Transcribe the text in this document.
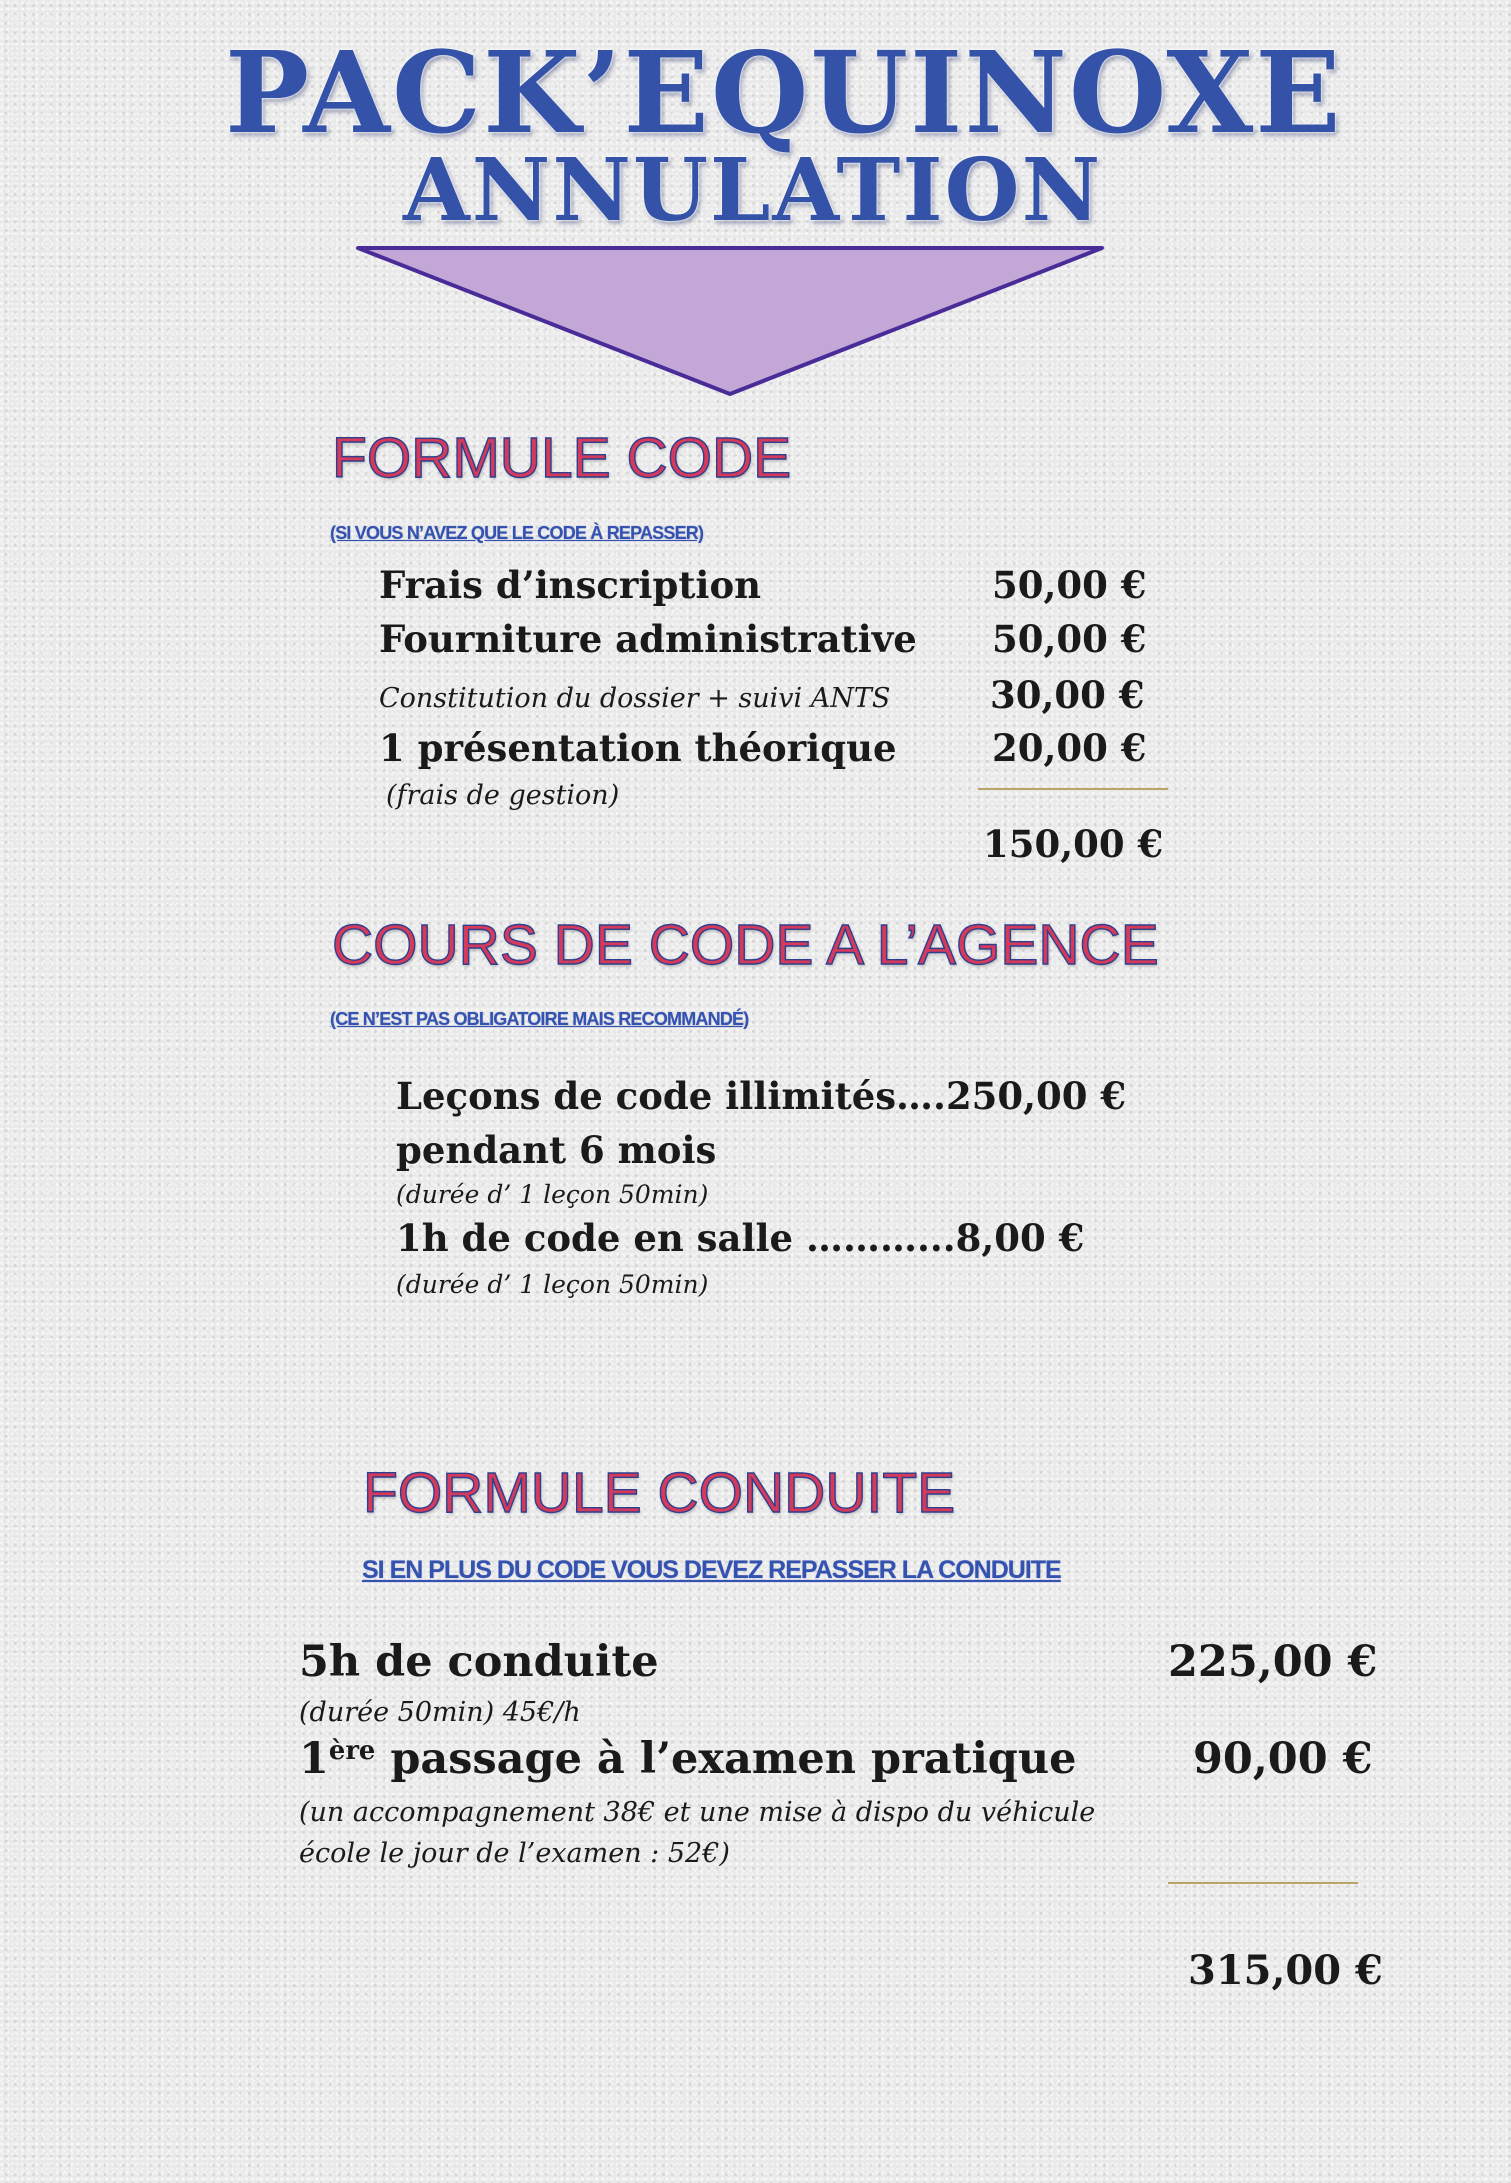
PACK’EQUINOXE
ANNULATION
FORMULE CODE
(SI VOUS N’AVEZ QUE LE CODE À REPASSER)
Frais d’inscription	50,00 €
Fourniture administrative 50,00 €
Constitution du dossier + suivi ANTS	30,00 €
1 présentation théorique	20,00 €
(frais de gestion)
150,00 €
COURS DE CODE A L’AGENCE
(CE N’EST PAS OBLIGATOIRE MAIS RECOMMANDÉ)
Leçons de code illimités….250,00 €
pendant 6 mois
(durée d’ 1 leçon 50min)
1h de code en salle ………...8,00 €
(durée d’ 1 leçon 50min)
FORMULE CONDUITE
SI EN PLUS DU CODE VOUS DEVEZ REPASSER LA CONDUITE
5h de conduite	225,00 €
(durée 50min) 45€/h
1ère passage à l’examen pratique	90,00 €
(un accompagnement 38€ et une mise à dispo du véhicule
école le jour de l’examen : 52€)
315,00 €
